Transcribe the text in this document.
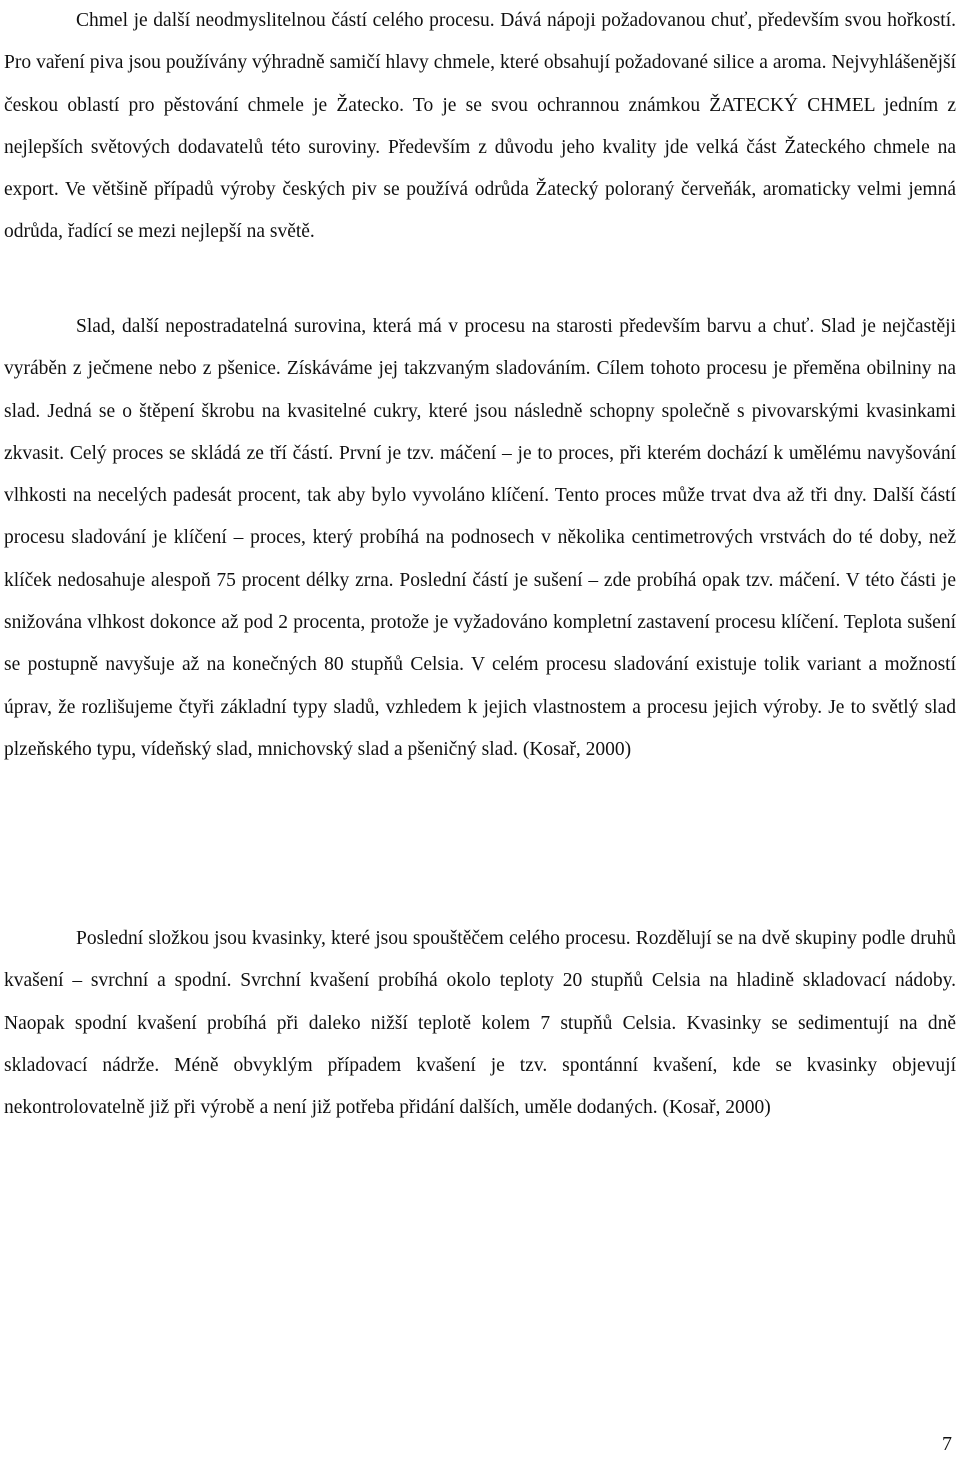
Chmel je další neodmyslitelnou částí celého procesu. Dává nápoji požadovanou chuť, především svou hořkostí. Pro vaření piva jsou používány výhradně samičí hlavy chmele, které obsahují požadované silice a aroma. Nejvyhlášenější českou oblastí pro pěstování chmele je Žatecko. To je se svou ochrannou známkou ŽATECKÝ CHMEL jedním z nejlepších světových dodavatelů této suroviny. Především z důvodu jeho kvality jde velká část Žateckého chmele na export. Ve většině případů výroby českých piv se používá odrůda Žatecký poloraný červeňák, aromaticky velmi jemná odrůda, řadící se mezi nejlepší na světě.

Slad, další nepostradatelná surovina, která má v procesu na starosti především barvu a chuť. Slad je nejčastěji vyráběn z ječmene nebo z pšenice. Získáváme jej takzvaným sladováním. Cílem tohoto procesu je přeměna obilniny na slad. Jedná se o štěpení škrobu na kvasitelné cukry, které jsou následně schopny společně s pivovarskými kvasinkami zkvasit. Celý proces se skládá ze tří částí. První je tzv. máčení – je to proces, při kterém dochází k umělému navyšování vlhkosti na necelých padesát procent, tak aby bylo vyvoláno klíčení. Tento proces může trvat dva až tři dny. Další částí procesu sladování je klíčení – proces, který probíhá na podnosech v několika centimetrových vrstvách do té doby, než klíček nedosahuje alespoň 75 procent délky zrna. Poslední částí je sušení – zde probíhá opak tzv. máčení. V této části je snižována vlhkost dokonce až pod 2 procenta, protože je vyžadováno kompletní zastavení procesu klíčení. Teplota sušení se postupně navyšuje až na konečných 80 stupňů Celsia. V celém procesu sladování existuje tolik variant a možností úprav, že rozlišujeme čtyři základní typy sladů, vzhledem k jejich vlastnostem a procesu jejich výroby. Je to světlý slad plzeňského typu, vídeňský slad, mnichovský slad a pšeničný slad. (Kosař, 2000)

Poslední složkou jsou kvasinky, které jsou spouštěčem celého procesu. Rozdělují se na dvě skupiny podle druhů kvašení – svrchní a spodní. Svrchní kvašení probíhá okolo teploty 20 stupňů Celsia na hladině skladovací nádoby. Naopak spodní kvašení probíhá při daleko nižší teplotě kolem 7 stupňů Celsia. Kvasinky se sedimentují na dně skladovací nádrže. Méně obvyklým případem kvašení je tzv. spontánní kvašení, kde se kvasinky objevují nekontrolovatelně již při výrobě a není již potřeba přidání dalších, uměle dodaných. (Kosař, 2000)

7
